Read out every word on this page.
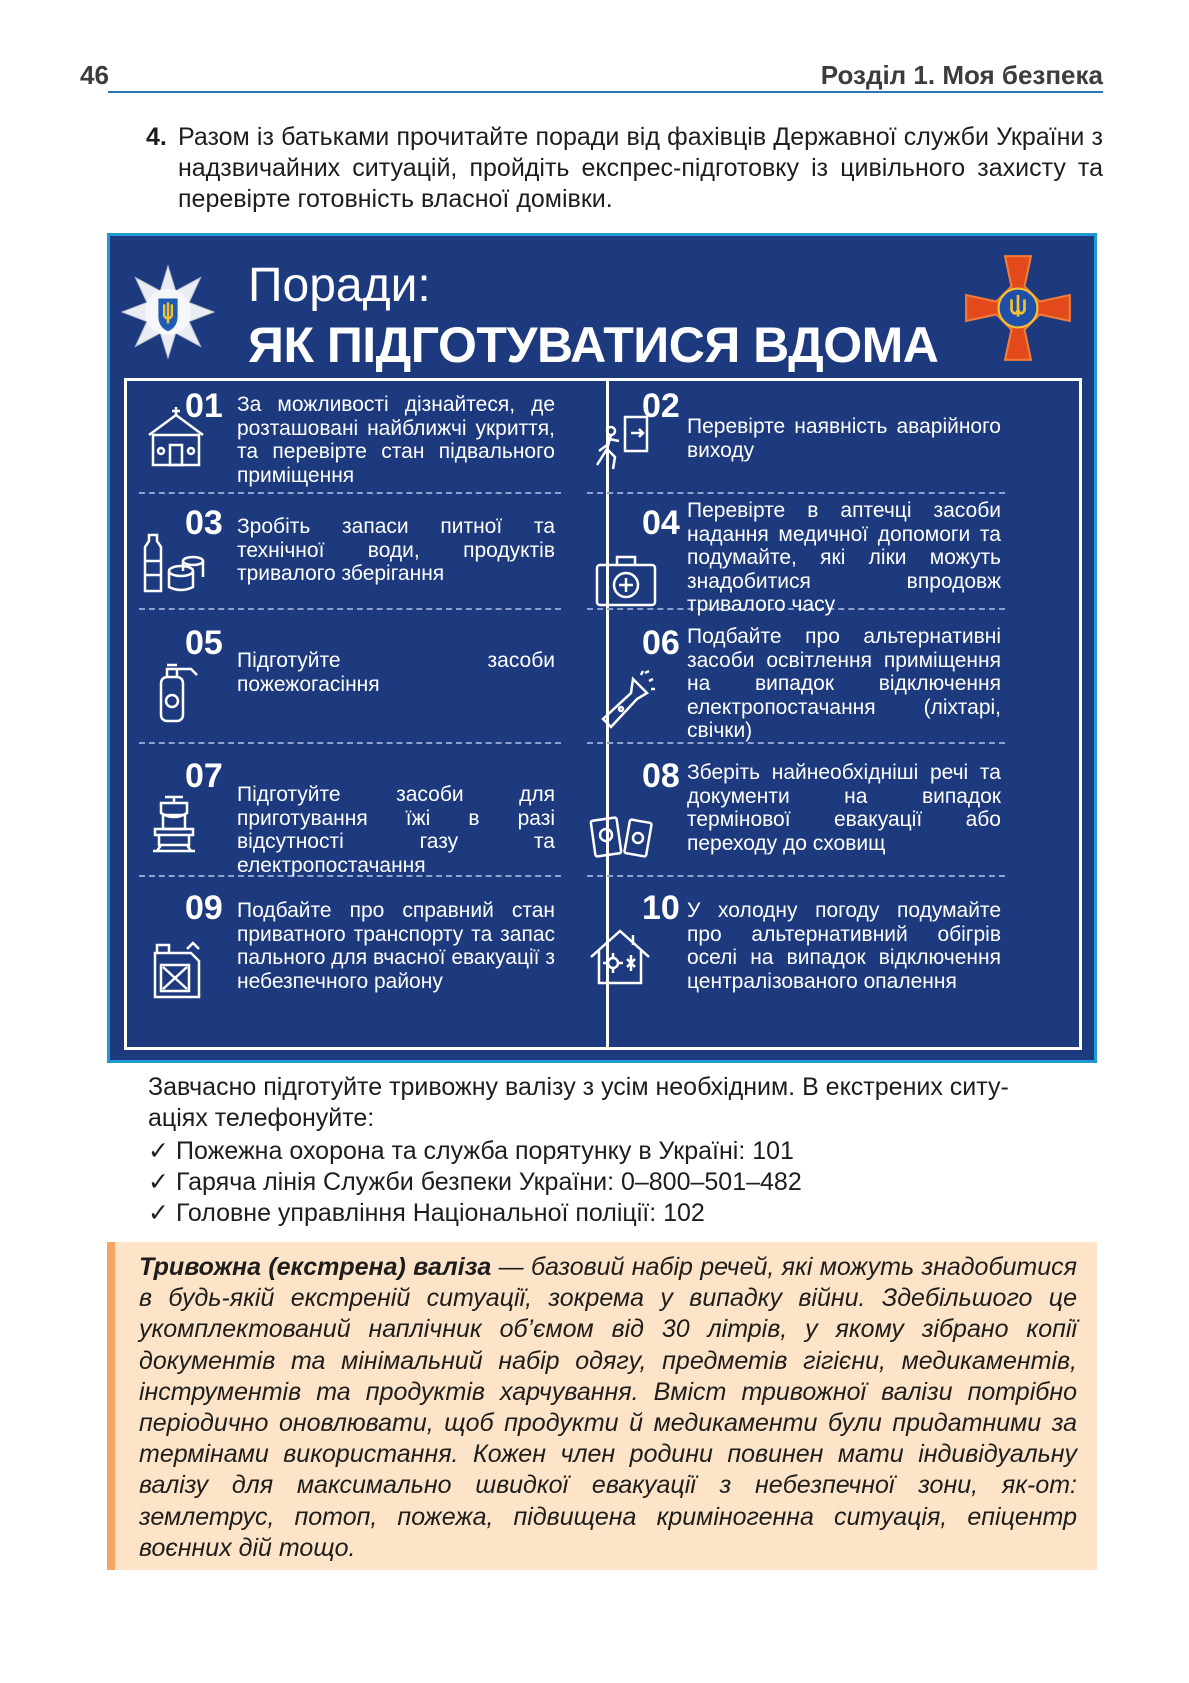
46	Розділ 1. Моя безпека
4. Разом із батьками прочитайте поради від фахівців Державної служби України з надзвичайних ситуацій, пройдіть експрес-підготовку із цивільного захисту та перевірте готовність власної домівки.
Поради:
ЯК ПІДГОТУВАТИСЯ ВДОМА
01 За можливості дізнайтеся, де розташовані найближчі укриття, та перевірте стан підвального приміщення
02
Перевірте наявність аварійного виходу
03 Зробіть запаси питної та технічної води, продуктів тривалого зберігання
04 Перевірте в аптечці засоби надання медичної допомоги та подумайте, які ліки можуть знадобитися впродовж тривалого часу
05 Підготуйте засоби пожежогасіння
06 Подбайте про альтернативні засоби освітлення приміщення на випадок відключення електропостачання (ліхтарі, свічки)
07 Підготуйте засоби для приготування їжі в разі відсутності газу та електропостачання
08 Зберіть найнеобхідніші речі та документи на випадок термінової евакуації або переходу до сховищ
09 Подбайте про справний стан приватного транспорту та запас пального для вчасної евакуації з небезпечного району
10 У холодну погоду подумайте про альтернативний обігрів оселі на випадок відключення централізованого опалення
Завчасно підготуйте тривожну валізу з усім необхідним. В екстрених ситу-
аціях телефонуйте:
✓ Пожежна охорона та служба порятунку в Україні: 101
✓ Гаряча лінія Служби безпеки України: 0–800–501–482
✓ Головне управління Національної поліції: 102
Тривожна (екстрена) валіза — базовий набір речей, які можуть знадобитися в будь-якій екстреній ситуації, зокрема у випадку війни. Здебільшого це укомплектований наплічник об’ємом від 30 літрів, у якому зібрано копії документів та мінімальний набір одягу, предметів гігієни, медикаментів, інструментів та продуктів харчування. Вміст тривожної валізи потрібно періодично оновлювати, щоб продукти й медикаменти були придатними за термінами використання. Кожен член родини повинен мати індивідуальну валізу для максимально швидкої евакуації з небезпечної зони, як-от: землетрус, потоп, пожежа, підвищена криміногенна ситуація, епіцентр воєнних дій тощо.
